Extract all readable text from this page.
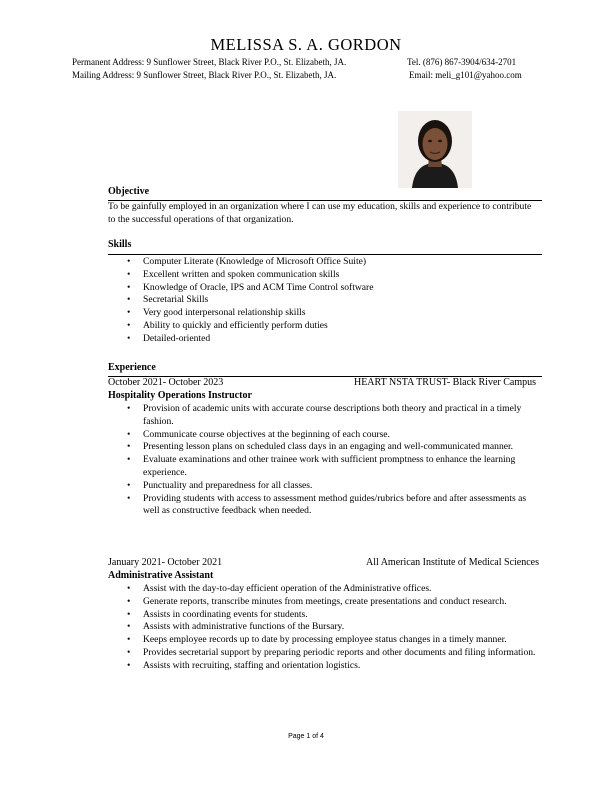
MELISSA S. A. GORDON
Permanent Address: 9 Sunflower Street, Black River P.O., St. Elizabeth, JA.	Tel. (876) 867-3904/634-2701
Mailing Address: 9 Sunflower Street, Black River P.O., St. Elizabeth, JA.	Email: meli_g101@yahoo.com
Objective
To be gainfully employed in an organization where I can use my education, skills and experience to contribute to the successful operations of that organization.
Skills
• Computer Literate (Knowledge of Microsoft Office Suite)
• Excellent written and spoken communication skills
• Knowledge of Oracle, IPS and ACM Time Control software
• Secretarial Skills
• Very good interpersonal relationship skills
• Ability to quickly and efficiently perform duties
• Detailed-oriented
Experience
October 2021- October 2023	HEART NSTA TRUST- Black River Campus
Hospitality Operations Instructor
• Provision of academic units with accurate course descriptions both theory and practical in a timely fashion.
• Communicate course objectives at the beginning of each course.
• Presenting lesson plans on scheduled class days in an engaging and well-communicated manner.
• Evaluate examinations and other trainee work with sufficient promptness to enhance the learning experience.
• Punctuality and preparedness for all classes.
• Providing students with access to assessment method guides/rubrics before and after assessments as well as constructive feedback when needed.
January 2021- October 2021	All American Institute of Medical Sciences
Administrative Assistant
• Assist with the day-to-day efficient operation of the Administrative offices.
• Generate reports, transcribe minutes from meetings, create presentations and conduct research.
• Assists in coordinating events for students.
• Assists with administrative functions of the Bursary.
• Keeps employee records up to date by processing employee status changes in a timely manner.
• Provides secretarial support by preparing periodic reports and other documents and filing information.
• Assists with recruiting, staffing and orientation logistics.
Page 1 of 4
